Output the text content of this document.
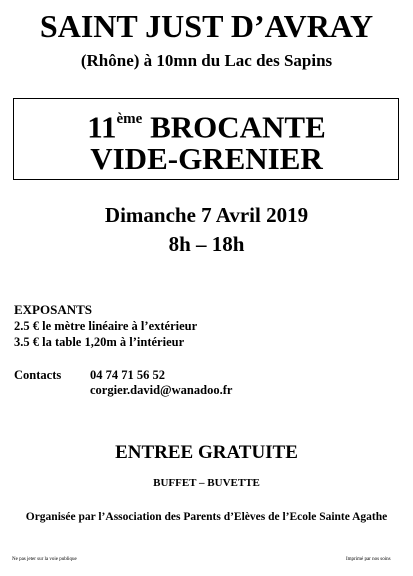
SAINT JUST D’AVRAY
(Rhône) à 10mn du Lac des Sapins
11ème BROCANTE
VIDE-GRENIER
Dimanche 7 Avril 2019
8h – 18h
EXPOSANTS
2.5 € le mètre linéaire à l’extérieur
3.5 € la table 1,20m à l’intérieur
Contacts 04 74 71 56 52
corgier.david@wanadoo.fr
ENTREE GRATUITE
BUFFET – BUVETTE
Organisée par l’Association des Parents d’Elèves de l’Ecole Sainte Agathe
Ne pas jeter sur la voie publique	Imprimé par nos soins
